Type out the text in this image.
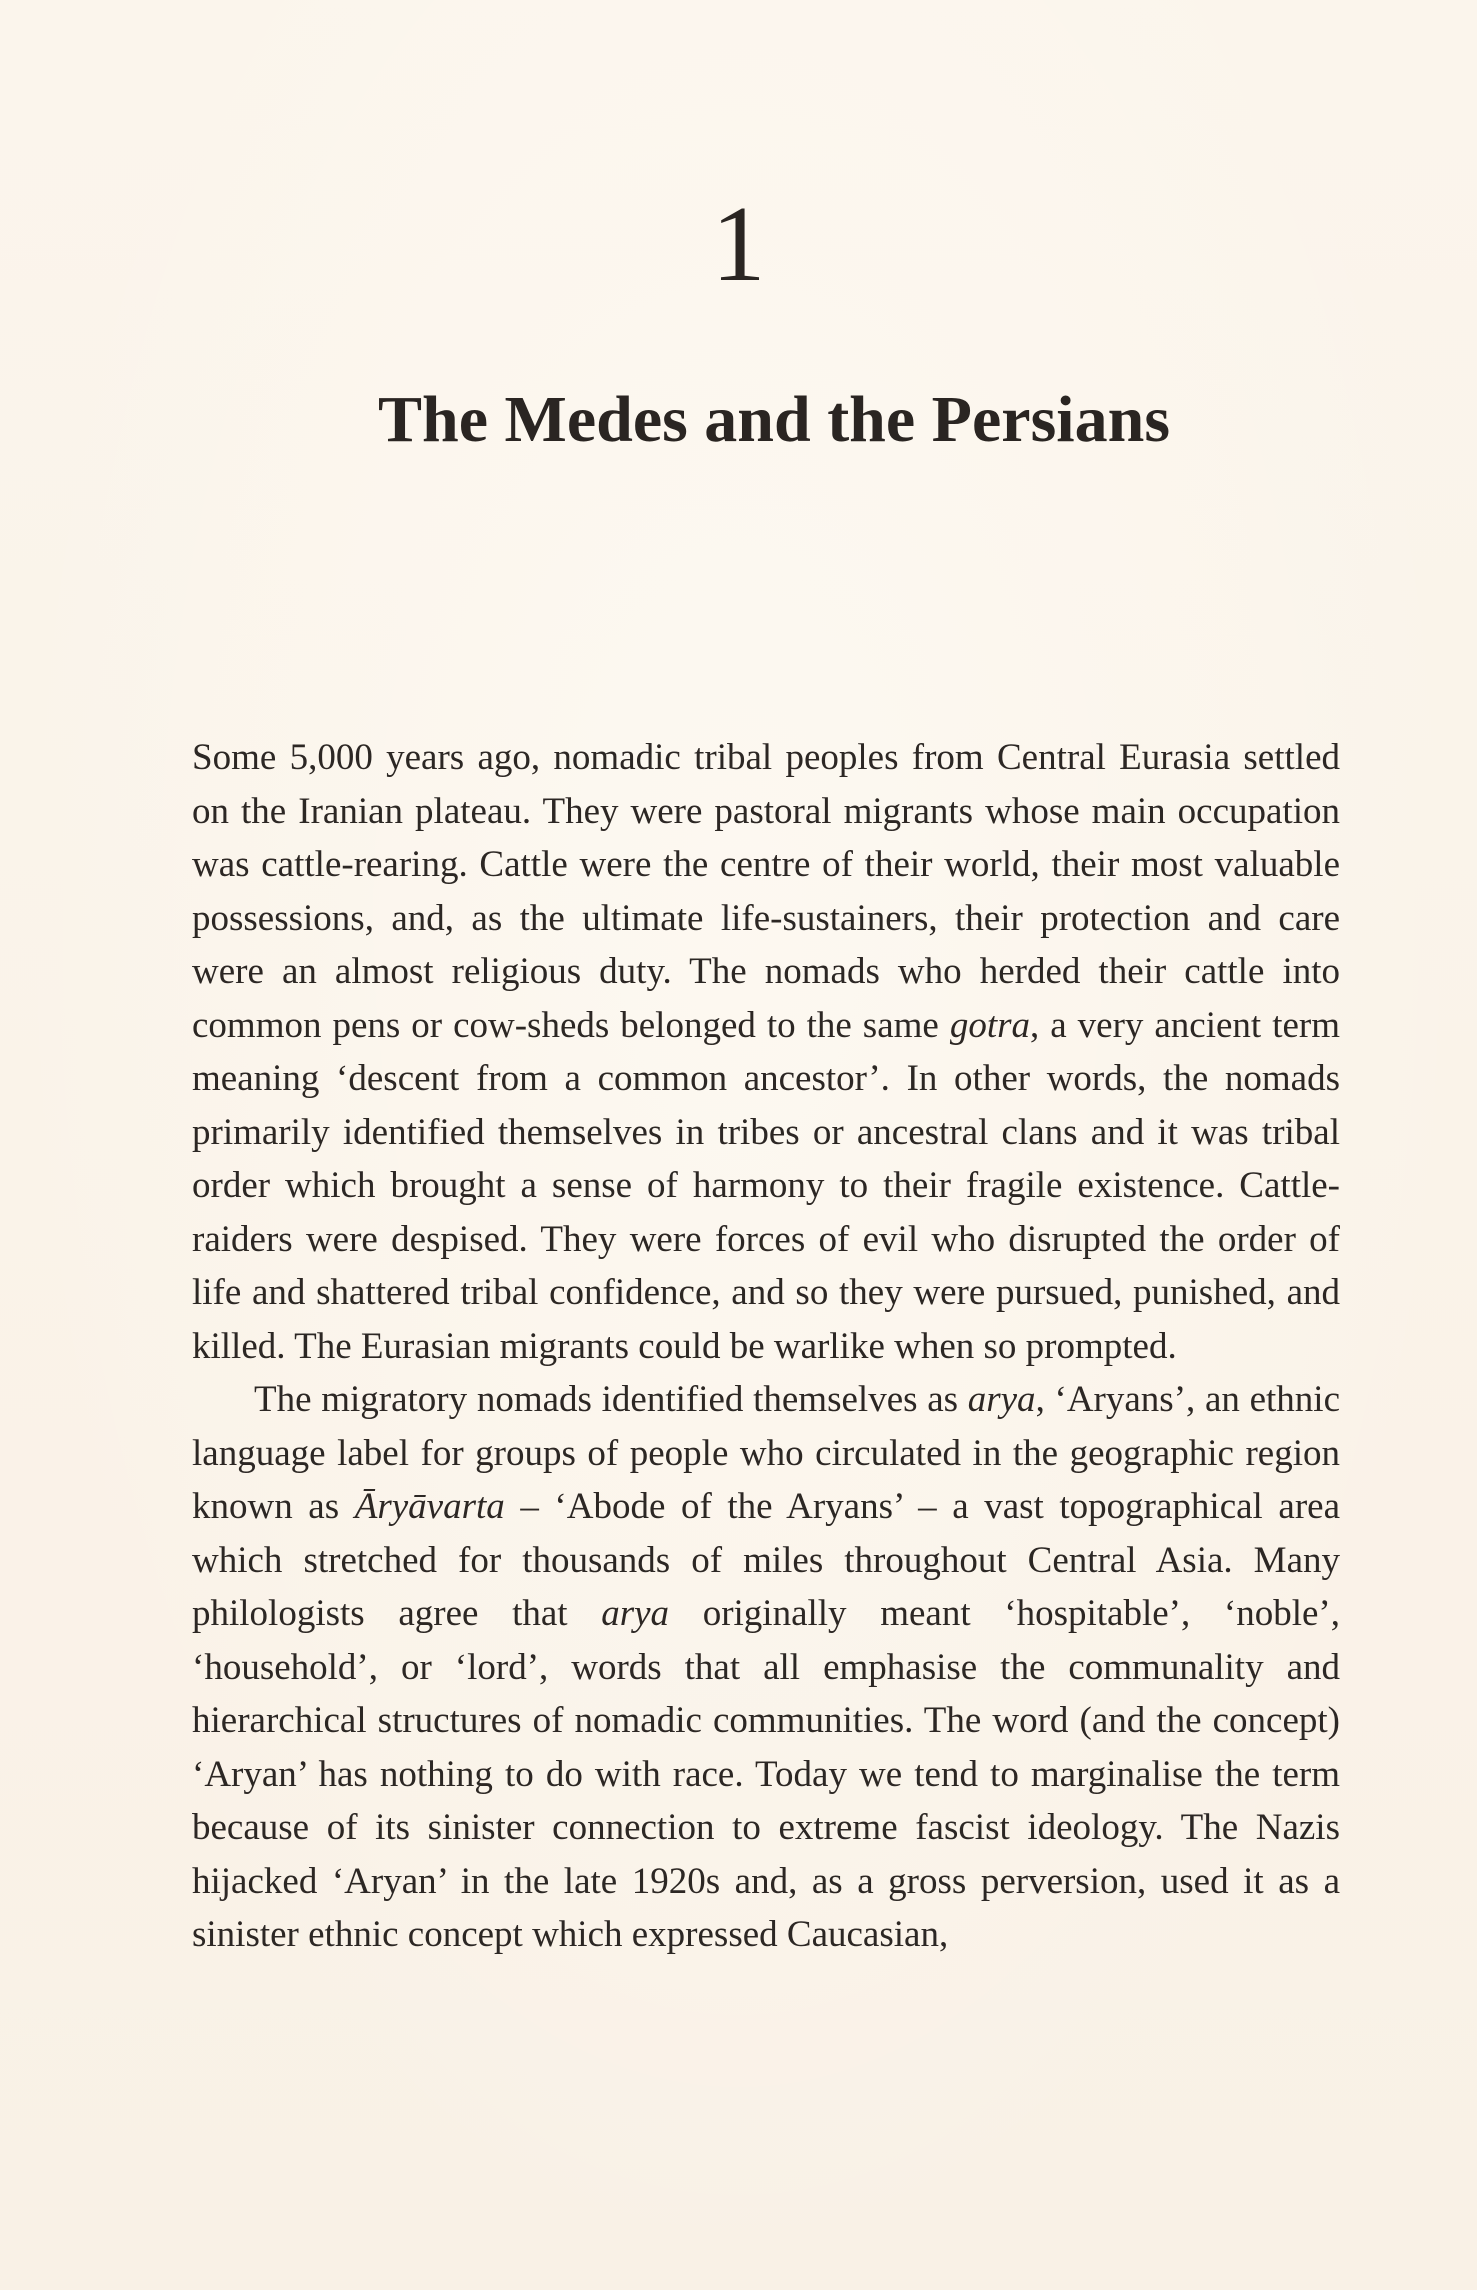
1
The Medes and the Persians

Some 5,000 years ago, nomadic tribal peoples from Central Eurasia settled on the Iranian plateau. They were pastoral migrants whose main occupation was cattle-rearing. Cattle were the centre of their world, their most valuable possessions, and, as the ultimate life-sustainers, their protection and care were an almost religious duty. The nomads who herded their cattle into common pens or cow-sheds belonged to the same gotra, a very ancient term meaning ‘descent from a common ancestor’. In other words, the nomads primarily identified themselves in tribes or ancestral clans and it was tribal order which brought a sense of harmony to their fragile existence. Cattle-raiders were despised. They were forces of evil who disrupted the order of life and shattered tribal confidence, and so they were pursued, punished, and killed. The Eurasian migrants could be warlike when so prompted.

The migratory nomads identified themselves as arya, ‘Aryans’, an ethnic language label for groups of people who circulated in the geographic region known as Āryāvarta – ‘Abode of the Aryans’ – a vast topographical area which stretched for thousands of miles throughout Central Asia. Many philologists agree that arya originally meant ‘hospitable’, ‘noble’, ‘household’, or ‘lord’, words that all emphasise the communality and hierarchical structures of nomadic communities. The word (and the concept) ‘Aryan’ has nothing to do with race. Today we tend to marginalise the term because of its sinister connection to extreme fascist ideology. The Nazis hijacked ‘Aryan’ in the late 1920s and, as a gross perversion, used it as a sinister ethnic concept which expressed Caucasian,
